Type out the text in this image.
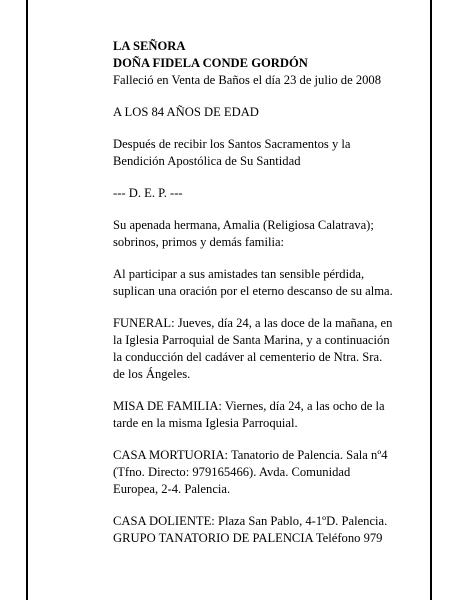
LA SEÑORA

DOÑA FIDELA CONDE GORDÓN

Falleció en Venta de Baños el día 23 de julio de 2008

A LOS 84 AÑOS DE EDAD

Después de recibir los Santos Sacramentos y la

Bendición Apostólica de Su Santidad

--- D. E. P. ---

Su apenada hermana, Amalia (Religiosa Calatrava);

sobrinos, primos y demás familia:

Al participar a sus amistades tan sensible pérdida,

suplican una oración por el eterno descanso de su alma.

FUNERAL: Jueves, día 24, a las doce de la mañana, en

la Iglesia Parroquial de Santa Marina, y a continuación

la conducción del cadáver al cementerio de Ntra. Sra.

de los Ángeles.

MISA DE FAMILIA: Viernes, día 24, a las ocho de la

tarde en la misma Iglesia Parroquial.

CASA MORTUORIA: Tanatorio de Palencia. Sala nº4

(Tfno. Directo: 979165466). Avda. Comunidad

Europea, 2-4. Palencia.

CASA DOLIENTE: Plaza San Pablo, 4-1ºD. Palencia.

GRUPO TANATORIO DE PALENCIA Teléfono 979
